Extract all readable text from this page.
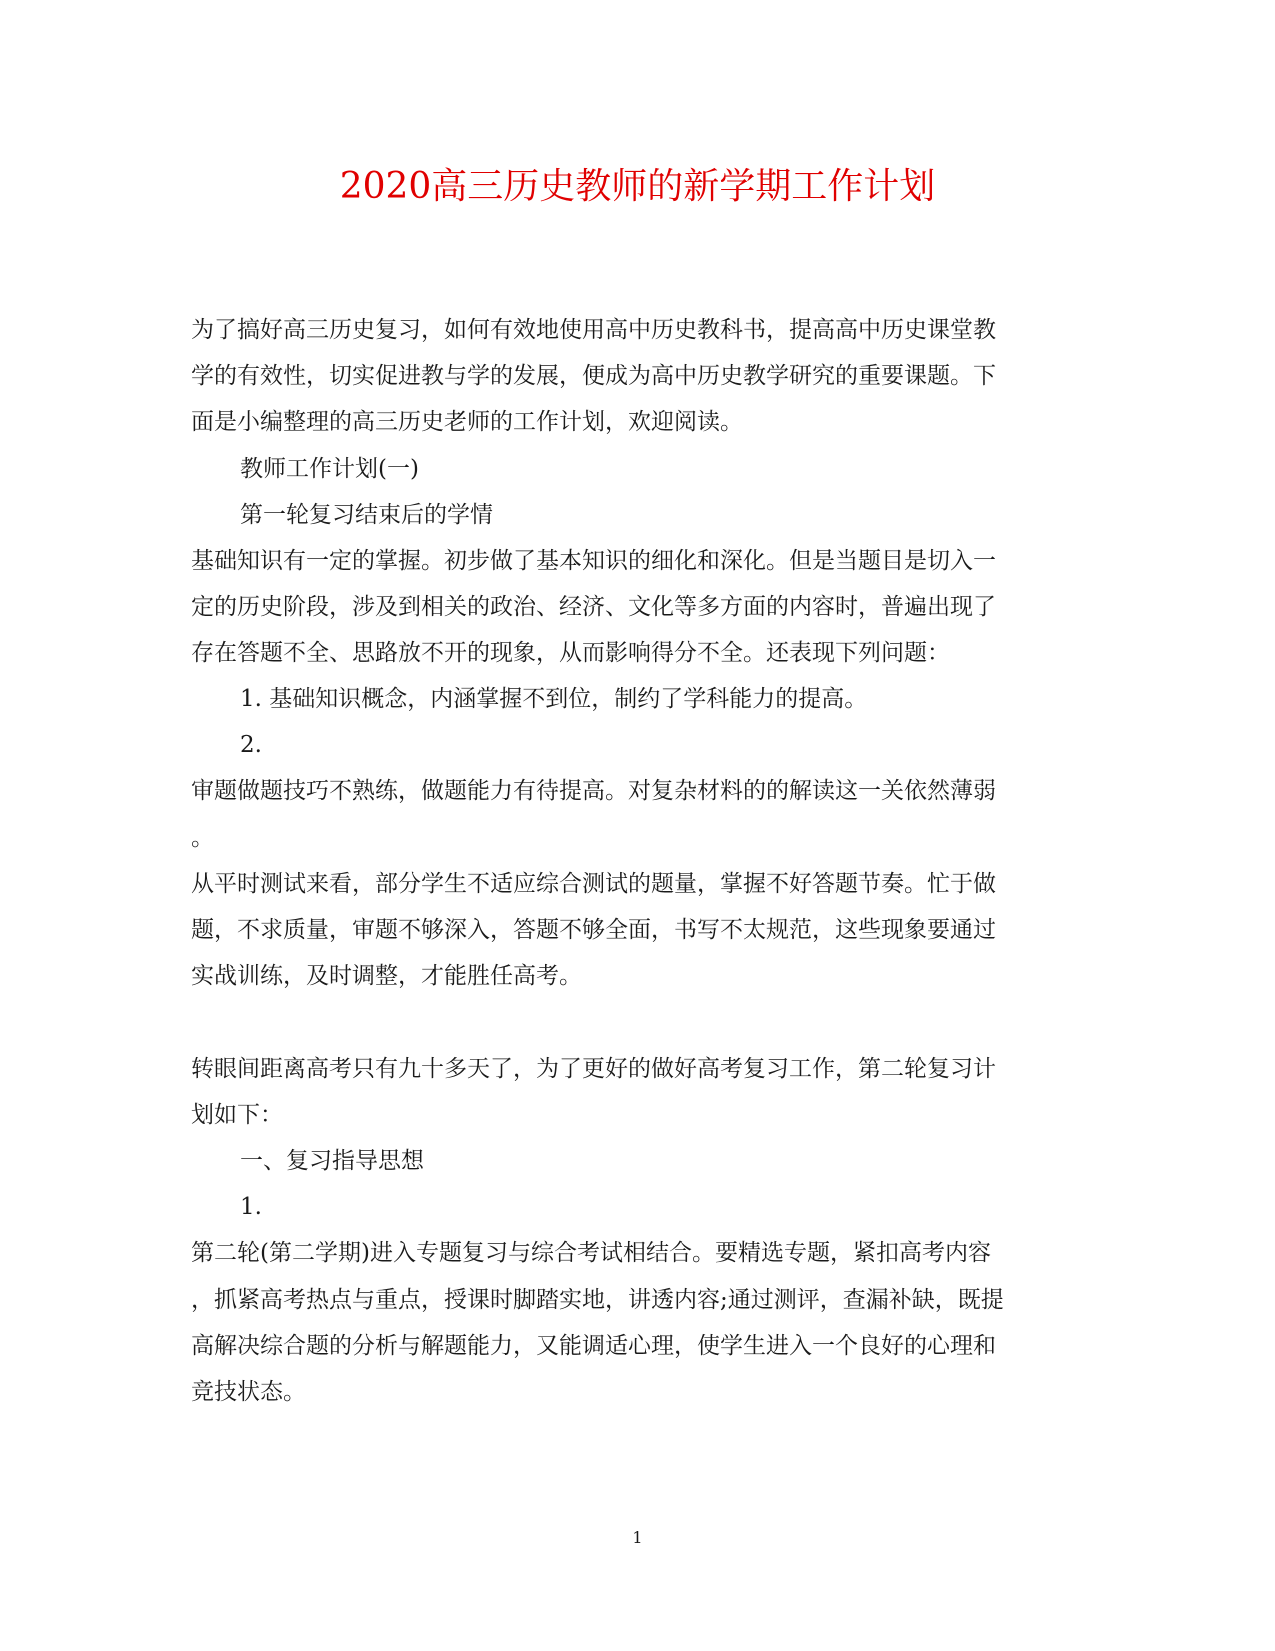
2020高三历史教师的新学期工作计划

为了搞好高三历史复习，如何有效地使用高中历史教科书，提高高中历史课堂教

学的有效性，切实促进教与学的发展，便成为高中历史教学研究的重要课题。下

面是小编整理的高三历史老师的工作计划，欢迎阅读。

教师工作计划(一)

第一轮复习结束后的学情

基础知识有一定的掌握。初步做了基本知识的细化和深化。但是当题目是切入一

定的历史阶段，涉及到相关的政治、经济、文化等多方面的内容时，普遍出现了

存在答题不全、思路放不开的现象，从而影响得分不全。还表现下列问题：

1. 基础知识概念，内涵掌握不到位，制约了学科能力的提高。

2.

审题做题技巧不熟练，做题能力有待提高。对复杂材料的的解读这一关依然薄弱

。

从平时测试来看，部分学生不适应综合测试的题量，掌握不好答题节奏。忙于做

题，不求质量，审题不够深入，答题不够全面，书写不太规范，这些现象要通过

实战训练，及时调整，才能胜任高考。

转眼间距离高考只有九十多天了，为了更好的做好高考复习工作，第二轮复习计

划如下：

一、复习指导思想

1.

第二轮(第二学期)进入专题复习与综合考试相结合。要精选专题，紧扣高考内容

，抓紧高考热点与重点，授课时脚踏实地，讲透内容;通过测评，查漏补缺，既提

高解决综合题的分析与解题能力，又能调适心理，使学生进入一个良好的心理和

竞技状态。

1
